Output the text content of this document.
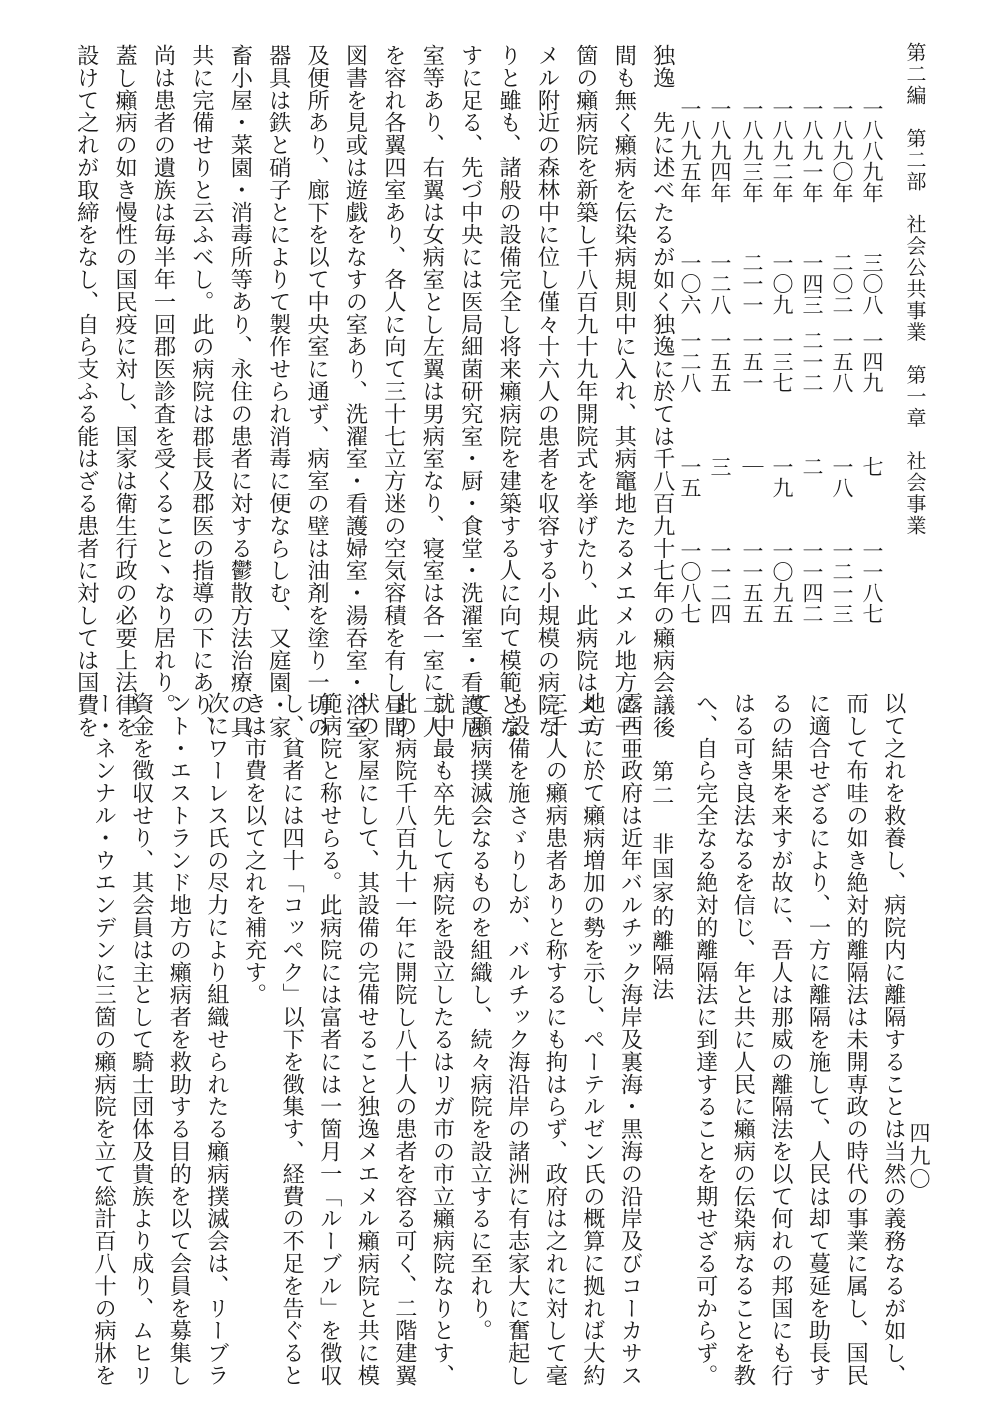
第二編　第二部　社会公共事業　第一章　社会事業
四九〇
一八八九年
三〇八
一四九
七
一一八七
一八九〇年
二〇二
一五八
一八
一二一三
一八九一年
一四三
二一二
二
一一四二
一八九二年
一〇九
一三七
一九
一〇九五
一八九三年
二一一
一五一
｜
一一五五
一八九四年
一二八
一五五
三
一一二四
一八九五年
一〇六
一二八
一五
一〇八七
独逸　先に述べたるが如く独逸に於ては千八百九十七年の癩病会議後
間も無く癩病を伝染病規則中に入れ、其病竈地たるメエメル地方に一
箇の癩病院を新築し千八百九十九年開院式を挙げたり、此病院はメエ
メル附近の森林中に位し僅々十六人の患者を収容する小規模の病院な
りと雖も、諸般の設備完全し将来癩病院を建築する人に向て模範とな
すに足る、先づ中央には医局細菌研究室・厨・食堂・洗濯室・看護尼
室等あり、右翼は女病室とし左翼は男病室なり、寝室は各一室に二人
を容れ各翼四室あり、各人に向て三十七立方迷の空気容積を有し昼間
図書を見或は遊戯をなすの室あり、洗濯室・看護婦室・湯吞室・浴室
及便所あり、廊下を以て中央室に通ず、病室の壁は油剤を塗り一切の
器具は鉄と硝子とによりて製作せられ消毒に便ならしむ、又庭園・家
畜小屋・菜園・消毒所等あり、永住の患者に対する鬱散方法治療の具
共に完備せりと云ふべし。此の病院は郡長及郡医の指導の下にあり、
尚は患者の遺族は毎半年一回郡医診査を受くること丶なり居れり。
蓋し癩病の如き慢性の国民疫に対し、国家は衛生行政の必要上法律を
設けて之れが取締をなし、自ら支ふる能はざる患者に対しては国費を
以て之れを救養し、病院内に離隔することは当然の義務なるが如し、
而して布哇の如き絶対的離隔法は未開専政の時代の事業に属し、国民
に適合せざるにより、一方に離隔を施して、人民は却て蔓延を助長す
るの結果を来すが故に、吾人は那威の離隔法を以て何れの邦国にも行
はる可き良法なるを信じ、年と共に人民に癩病の伝染病なることを教
へ、自ら完全なる絶対的離隔法に到達することを期せざる可からず。
露西亜政府は近年バルチック海岸及裏海・黒海の沿岸及びコーカサス
地方に於て癩病増加の勢を示し、ペーテルゼン氏の概算に拠れば大約
三千人の癩病患者ありと称するにも拘はらず、政府は之れに対して毫
も設備を施さゞりしが、バルチック海沿岸の諸洲に有志家大に奮起し
て癩病撲滅会なるものを組織し、続々病院を設立するに至れり。
就中最も卒先して病院を設立したるはリガ市の市立癩病院なりとす、
此の病院千八百九十一年に開院し八十人の患者を容る可く、二階建翼
状の家屋にして、其設備の完備せること独逸メエメル癩病院と共に模
範病院と称せらる。此病院には富者には一箇月一「ルーブル」を徴収
し、貧者には四十「コッペク」以下を徴集す、経費の不足を告ぐると
きは市費を以て之れを補充す。
次にワーレス氏の尽力により組織せられたる癩病撲滅会は、リーブラ
ント・エストランド地方の癩病者を救助する目的を以て会員を募集し
資金を徴収せり、其会員は主として騎士団体及貴族より成り、ムヒリ
ー・ネンナル・ウエンデンに三箇の癩病院を立て総計百八十の病牀を	第二　非国家的離隔法
